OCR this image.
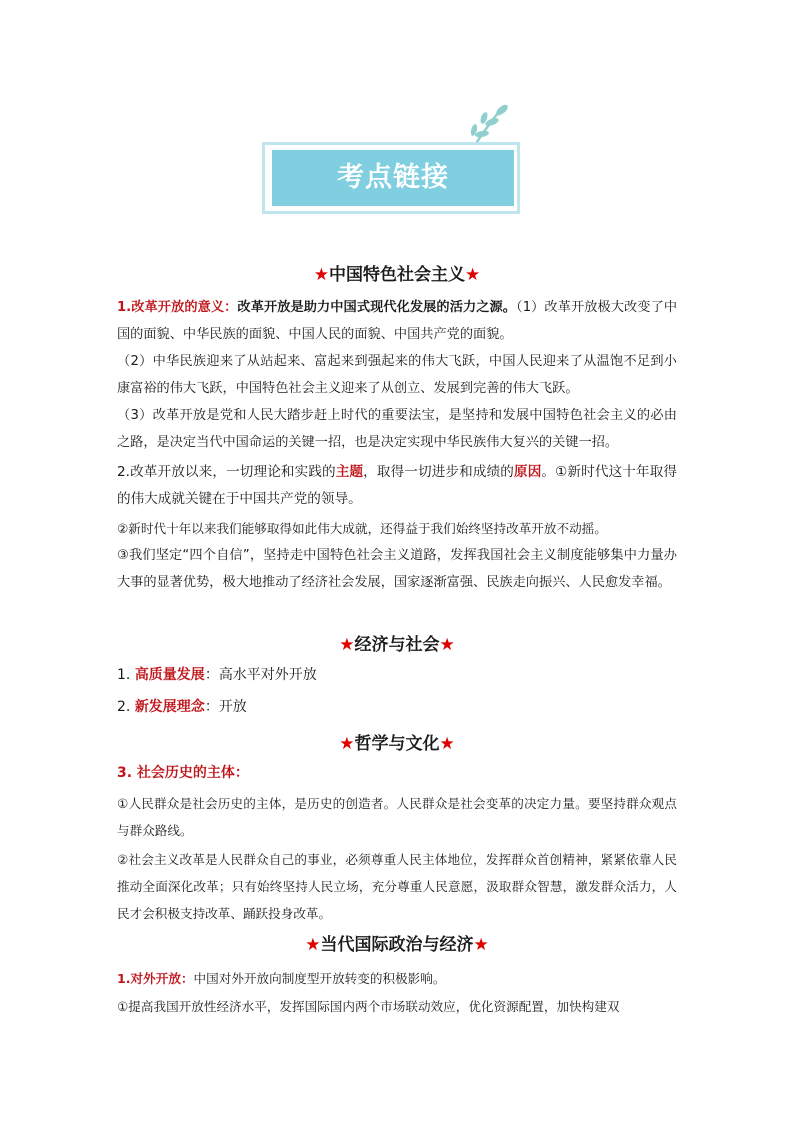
考点链接
★中国特色社会主义★
1.改革开放的意义：改革开放是助力中国式现代化发展的活力之源。（1）改革开放极大改变了中国的面貌、中华民族的面貌、中国人民的面貌、中国共产党的面貌。
（2）中华民族迎来了从站起来、富起来到强起来的伟大飞跃，中国人民迎来了从温饱不足到小康富裕的伟大飞跃，中国特色社会主义迎来了从创立、发展到完善的伟大飞跃。
（3）改革开放是党和人民大踏步赶上时代的重要法宝，是坚持和发展中国特色社会主义的必由之路，是决定当代中国命运的关键一招，也是决定实现中华民族伟大复兴的关键一招。
2.改革开放以来，一切理论和实践的主题，取得一切进步和成绩的原因。①新时代这十年取得的伟大成就关键在于中国共产党的领导。
②新时代十年以来我们能够取得如此伟大成就，还得益于我们始终坚持改革开放不动摇。
③我们坚定“四个自信”，坚持走中国特色社会主义道路，发挥我国社会主义制度能够集中力量办大事的显著优势，极大地推动了经济社会发展，国家逐渐富强、民族走向振兴、人民愈发幸福。
★经济与社会★
1. 高质量发展：高水平对外开放
2. 新发展理念：开放
★哲学与文化★
3. 社会历史的主体：
①人民群众是社会历史的主体，是历史的创造者。人民群众是社会变革的决定力量。要坚持群众观点与群众路线。
②社会主义改革是人民群众自己的事业，必须尊重人民主体地位，发挥群众首创精神，紧紧依靠人民推动全面深化改革；只有始终坚持人民立场，充分尊重人民意愿，汲取群众智慧，激发群众活力，人民才会积极支持改革、踊跃投身改革。
★当代国际政治与经济★
1.对外开放：中国对外开放向制度型开放转变的积极影响。
①提高我国开放性经济水平，发挥国际国内两个市场联动效应，优化资源配置，加快构建双
